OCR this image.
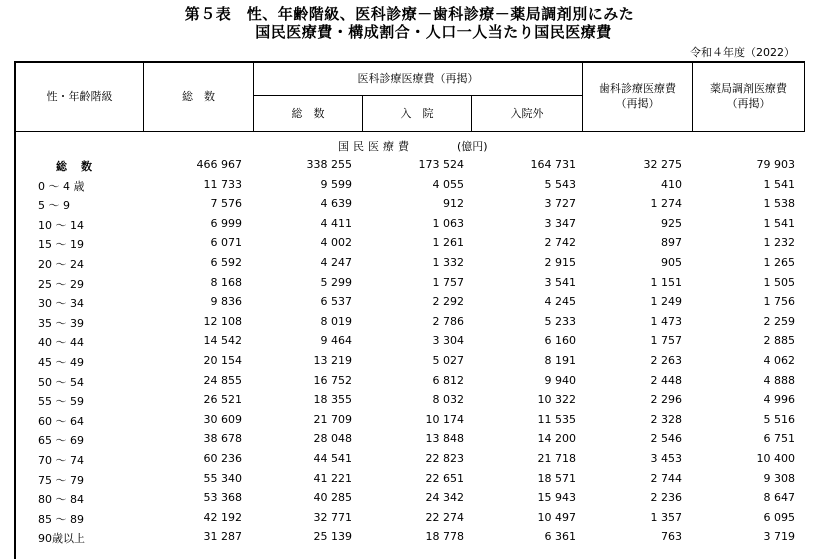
第５表　性、年齢階級、医科診療－歯科診療－薬局調剤別にみた
国民医療費・構成割合・人口一人当たり国民医療費
令和４年度（2022）
性・年齢階級	総　数
医科診療医療費（再掲）
総　数	入　院	入院外
歯科診療医療費
（再掲）
薬局調剤医療費
（再掲）
国民医療費	(億円)
総数	466 967	338 255	173 524	164 731	32 275	79 903
0 ～ 4 歳	11 733	9 599	4 055	5 543	410	1 541
5 ～ 9	7 576	4 639	912	3 727	1 274	1 538
10 ～ 14	6 999	4 411	1 063	3 347	925	1 541
15 ～ 19	6 071	4 002	1 261	2 742	897	1 232
20 ～ 24	6 592	4 247	1 332	2 915	905	1 265
25 ～ 29	8 168	5 299	1 757	3 541	1 151	1 505
30 ～ 34	9 836	6 537	2 292	4 245	1 249	1 756
35 ～ 39	12 108	8 019	2 786	5 233	1 473	2 259
40 ～ 44	14 542	9 464	3 304	6 160	1 757	2 885
45 ～ 49	20 154	13 219	5 027	8 191	2 263	4 062
50 ～ 54	24 855	16 752	6 812	9 940	2 448	4 888
55 ～ 59	26 521	18 355	8 032	10 322	2 296	4 996
60 ～ 64	30 609	21 709	10 174	11 535	2 328	5 516
65 ～ 69	38 678	28 048	13 848	14 200	2 546	6 751
70 ～ 74	60 236	44 541	22 823	21 718	3 453	10 400
75 ～ 79	55 340	41 221	22 651	18 571	2 744	9 308
80 ～ 84	53 368	40 285	24 342	15 943	2 236	8 647
85 ～ 89	42 192	32 771	22 274	10 497	1 357	6 095
90歳以上	31 287	25 139	18 778	6 361	763	3 719
